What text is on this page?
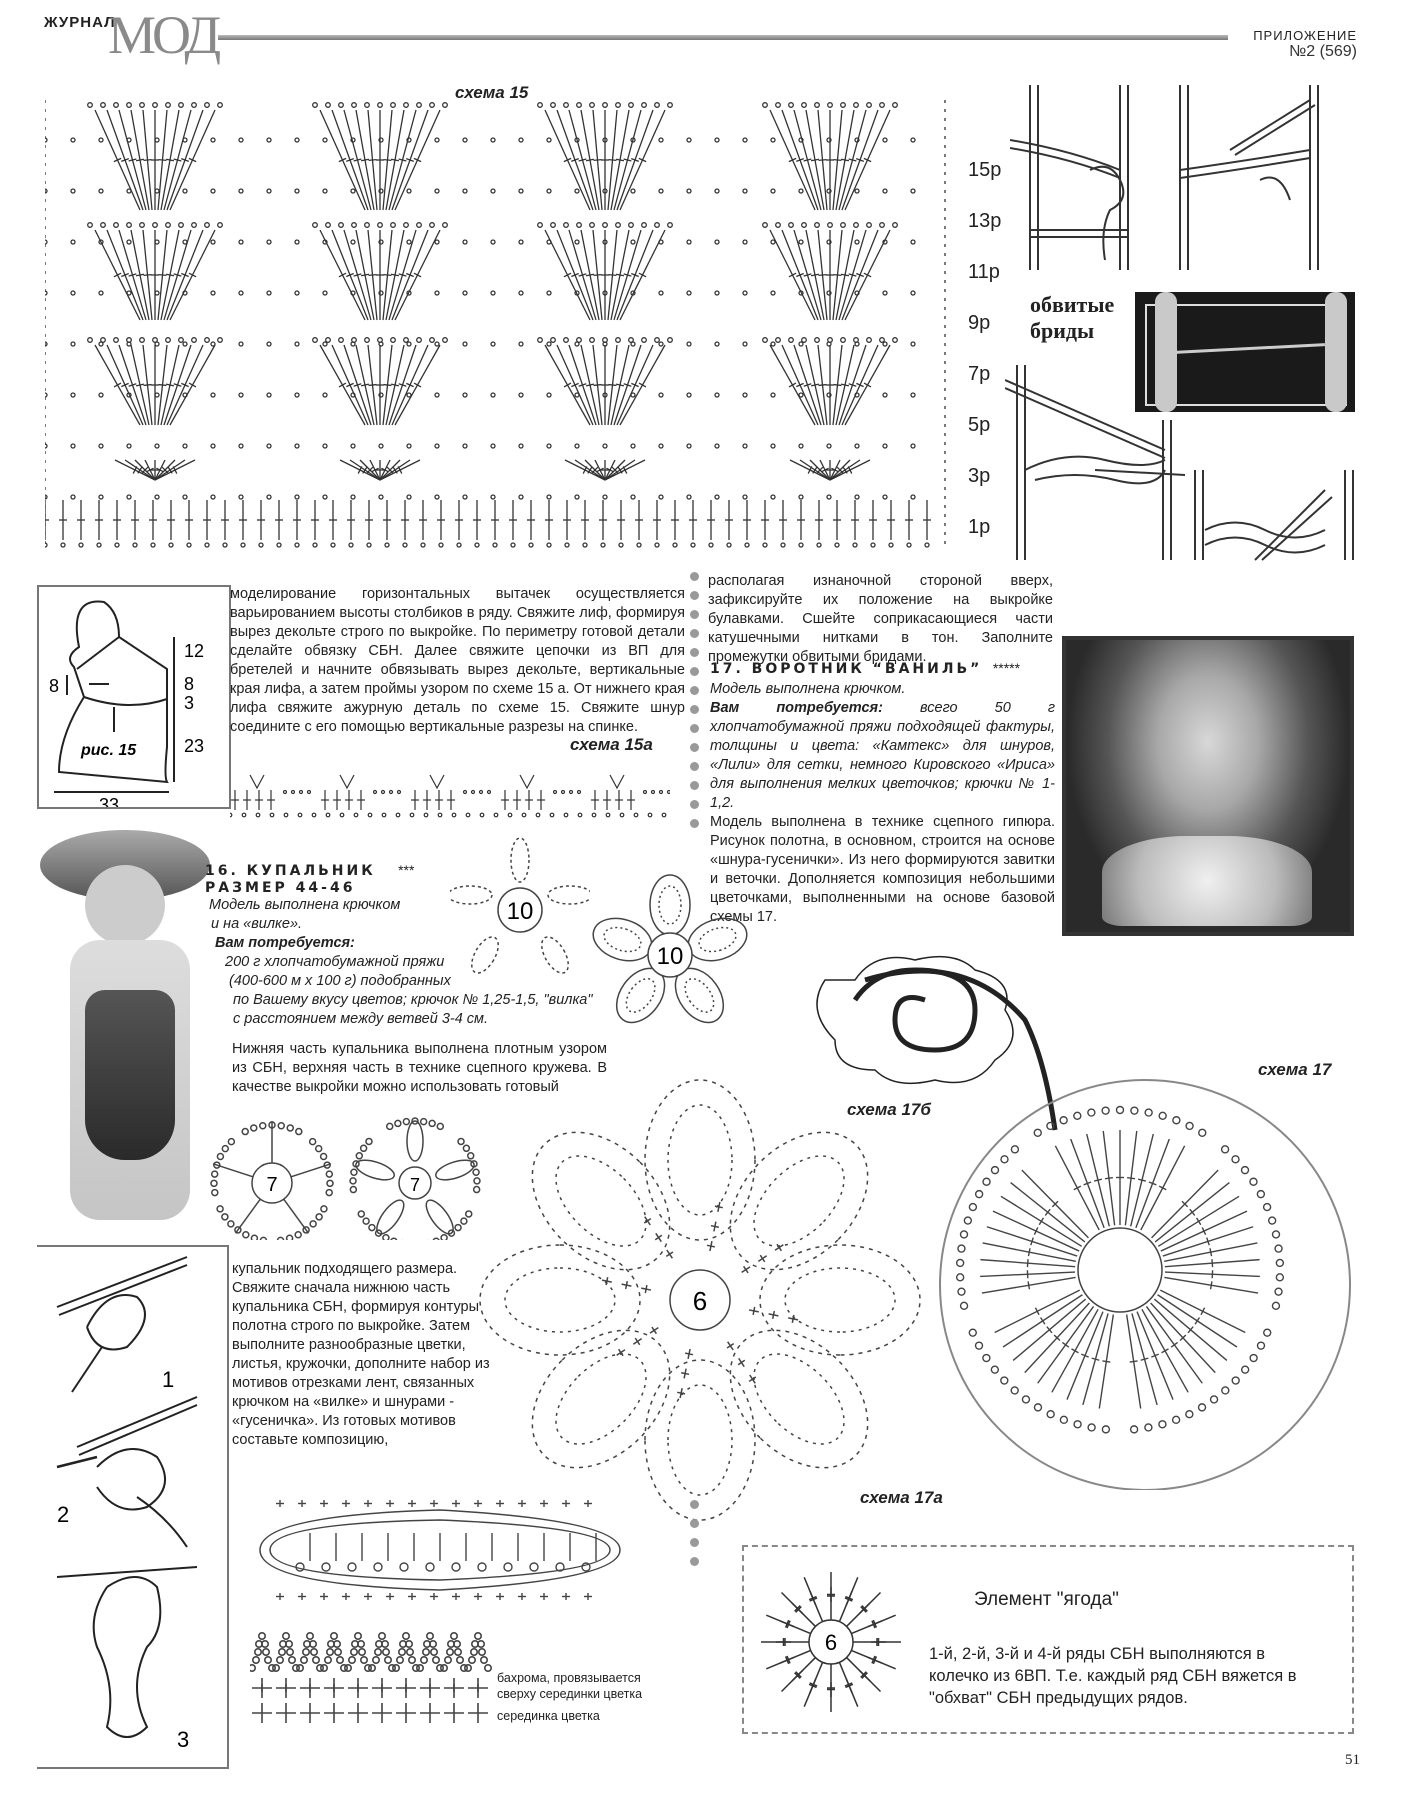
ЖУРНАЛ
МОД	ПРИЛОЖЕНИЕ
№2 (569)
схема 15
15р
13р
11р
9р
7р
5р
3р
1р
обвитые
бриды
12
8
3
23
8
33
рис. 15
моделирование горизонтальных вытачек осуществляется варьированием высоты столбиков в ряду. Свяжите лиф, формируя вырез декольте строго по выкройке. По периметру готовой детали сделайте обвязку СБН. Далее свяжите цепочки из ВП для бретелей и начните обвязывать вырез декольте, вертикальные края лифа, а затем проймы узором по схеме 15 а. От нижнего края лифа свяжите ажурную деталь по схеме 15. Свяжите шнур соедините с его помощью вертикальные разрезы на спинке.
схема 15а
располагая изнаночной стороной вверх, зафиксируйте их положение на выкройке булавками. Сшейте соприкасающиеся части катушечными нитками в тон. Заполните промежутки обвитыми бридами.
17. ВОРОТНИК “ВАНИЛЬ” *****
Модель выполнена крючком.
Вам потребуется:	всего 50 г хлопчатобумажной пряжи подходящей фактуры, толщины и цвета: «Камтекс» для шнуров, «Лили» для сетки, немного Кировского «Ириса» для выполнения мелких цветочков; крючки № 1-1,2.
Модель выполнена в технике сцепного гипюра. Рисунок полотна, в основном, строится на основе «шнура-гусенички». Из него формируются завитки и веточки. Дополняется композиция небольшими цветочками, выполненными на основе базовой схемы 17.
16. КУПАЛЬНИК ***
РАЗМЕР 44-46
Модель выполнена крючком
и на «вилке».
Вам потребуется:
200 г хлопчатобумажной пряжи
(400-600 м х 100 г) подобранных
по Вашему вкусу цветов; крючок № 1,25-1,5, "вилка"
с расстоянием между ветвей 3-4 см.
Нижняя часть купальника выполнена плотным узором из СБН, верхняя часть в технике сцепного кружева. В качестве выкройки можно использовать готовый
10
10
7	7
6
схема 17б
схема 17
схема 17а
бахрома, провязывается
сверху серединки цветка
серединка цветка
1
2
3
купальник подходящего размера. Свяжите сначала нижнюю часть купальника СБН, формируя контуры полотна строго по выкройке. Затем выполните разнообразные цветки, листья, кружочки, дополните набор из мотивов отрезками лент, связанных крючком на «вилке» и шнурами - «гусеничка». Из готовых мотивов составьте композицию,
6
Элемент "ягода"
1-й, 2-й, 3-й и 4-й ряды СБН выполняются в колечко из 6ВП. Т.е. каждый ряд СБН вяжется в "обхват" СБН предыдущих рядов.
51
